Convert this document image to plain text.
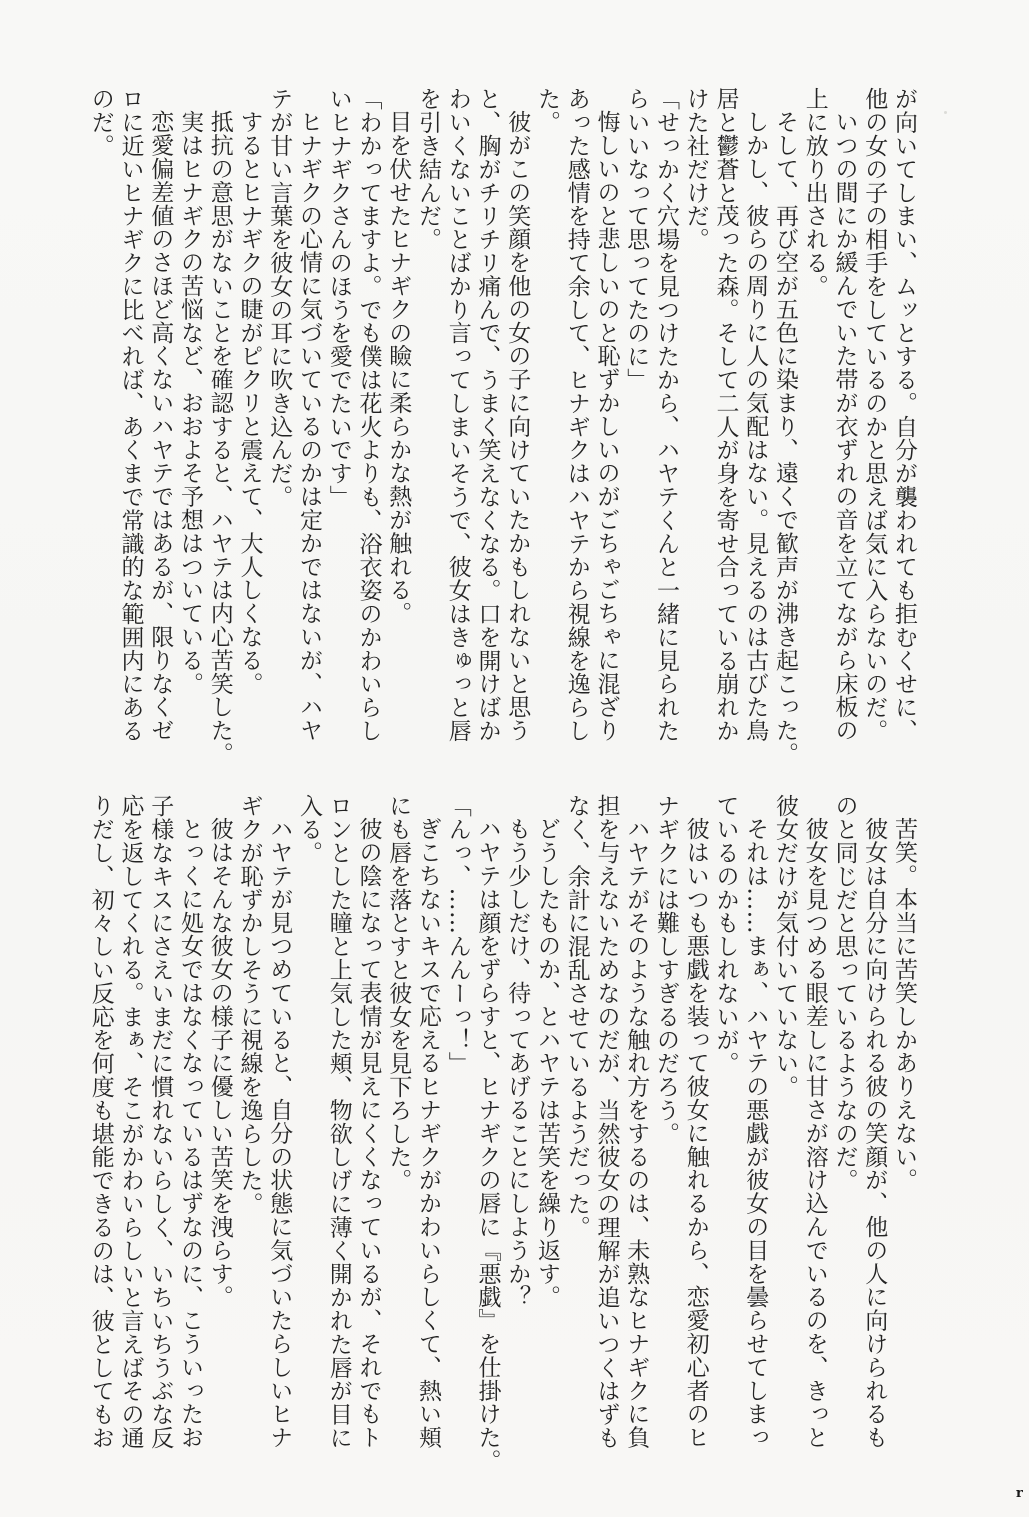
が向いてしまい、ムッとする。自分が襲われても拒むくせに、
他の女の子の相手をしているのかと思えば気に入らないのだ。
いつの間にか緩んでいた帯が衣ずれの音を立てながら床板の
上に放り出される。
そして、再び空が五色に染まり、遠くで歓声が沸き起こった。
しかし、彼らの周りに人の気配はない。見えるのは古びた鳥
居と鬱蒼と茂った森。そして二人が身を寄せ合っている崩れか
けた社だけだ。
「せっかく穴場を見つけたから、ハヤテくんと一緒に見られた
らいいなって思ってたのに」
悔しいのと悲しいのと恥ずかしいのがごちゃごちゃに混ざり
あった感情を持て余して、ヒナギクはハヤテから視線を逸らし
た。
彼がこの笑顔を他の女の子に向けていたかもしれないと思う
と、胸がチリチリ痛んで、うまく笑えなくなる。口を開けばか
わいくないことばかり言ってしまいそうで、彼女はきゅっと唇
を引き結んだ。
目を伏せたヒナギクの瞼に柔らかな熱が触れる。
「わかってますよ。でも僕は花火よりも、浴衣姿のかわいらし
いヒナギクさんのほうを愛でたいです」
ヒナギクの心情に気づいているのかは定かではないが、ハヤ
テが甘い言葉を彼女の耳に吹き込んだ。
するとヒナギクの睫がピクリと震えて、大人しくなる。
抵抗の意思がないことを確認すると、ハヤテは内心苦笑した。
実はヒナギクの苦悩など、おおよそ予想はついている。
恋愛偏差値のさほど高くないハヤテではあるが、限りなくゼ
ロに近いヒナギクに比べれば、あくまで常識的な範囲内にある
のだ。
苦笑。本当に苦笑しかありえない。
彼女は自分に向けられる彼の笑顔が、他の人に向けられるも
のと同じだと思っているようなのだ。
彼女を見つめる眼差しに甘さが溶け込んでいるのを、きっと
彼女だけが気付いていない。
それは……まぁ、ハヤテの悪戯が彼女の目を曇らせてしまっ
ているのかもしれないが。
彼はいつも悪戯を装って彼女に触れるから、恋愛初心者のヒ
ナギクには難しすぎるのだろう。
ハヤテがそのような触れ方をするのは、未熟なヒナギクに負
担を与えないためなのだが、当然彼女の理解が追いつくはずも
なく、余計に混乱させているようだった。
どうしたものか、とハヤテは苦笑を繰り返す。
もう少しだけ、待ってあげることにしようか？
ハヤテは顔をずらすと、ヒナギクの唇に『悪戯』を仕掛けた。
「んっ、……んんーっ！」
ぎこちないキスで応えるヒナギクがかわいらしくて、熱い頬
にも唇を落とすと彼女を見下ろした。
彼の陰になって表情が見えにくくなっているが、それでもト
ロンとした瞳と上気した頬、物欲しげに薄く開かれた唇が目に
入る。
ハヤテが見つめていると、自分の状態に気づいたらしいヒナ
ギクが恥ずかしそうに視線を逸らした。
彼はそんな彼女の様子に優しい苦笑を洩らす。
とっくに処女ではなくなっているはずなのに、こういったお
子様なキスにさえいまだに慣れないらしく、いちいちうぶな反
応を返してくれる。まぁ、そこがかわいらしいと言えばその通
りだし、初々しい反応を何度も堪能できるのは、彼としてもお
r
